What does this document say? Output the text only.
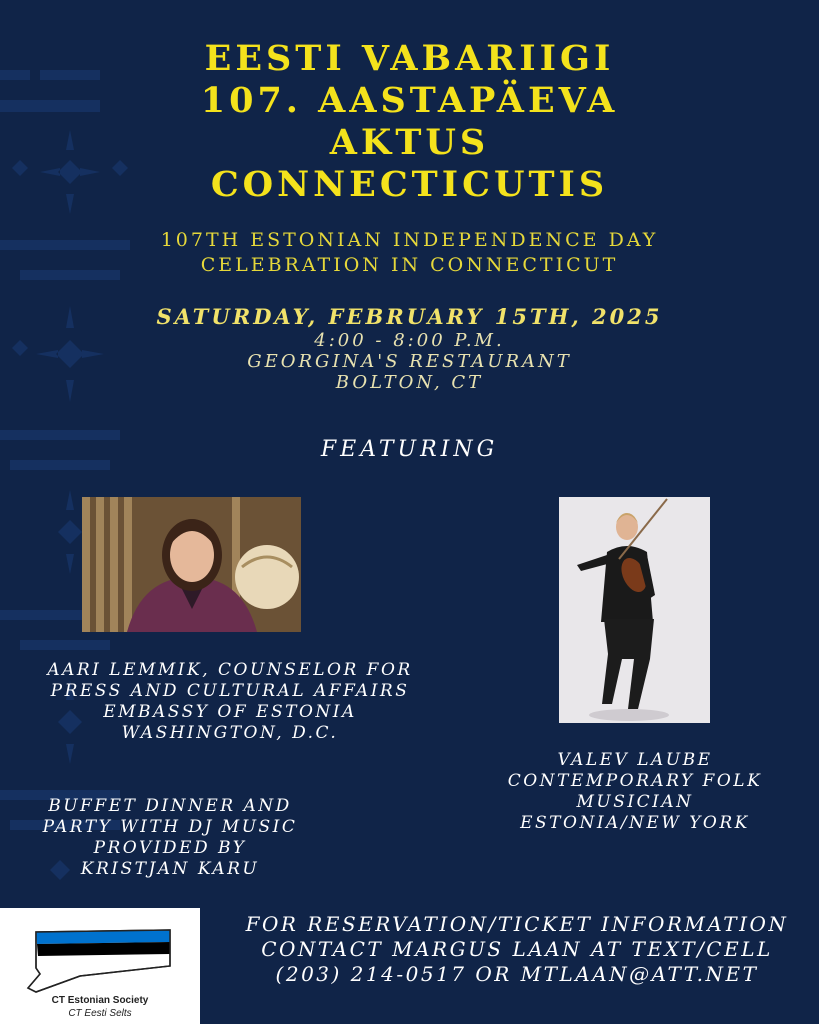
EESTI VABARIIGI
107. AASTAPÄEVA
AKTUS
CONNECTICUTIS
107TH ESTONIAN INDEPENDENCE DAY
CELEBRATION IN CONNECTICUT
SATURDAY, FEBRUARY 15TH, 2025
4:00 - 8:00 P.M.
GEORGINA'S RESTAURANT
BOLTON, CT
FEATURING
AARI LEMMIK, COUNSELOR FOR
PRESS AND CULTURAL AFFAIRS
EMBASSY OF ESTONIA
WASHINGTON, D.C.
VALEV LAUBE
CONTEMPORARY FOLK
MUSICIAN
ESTONIA/NEW YORK
BUFFET DINNER AND
PARTY WITH DJ MUSIC
PROVIDED BY
KRISTJAN KARU
CT Estonian Society
CT Eesti Selts
FOR RESERVATION/TICKET INFORMATION
CONTACT MARGUS LAAN AT TEXT/CELL
(203) 214-0517 OR MTLAAN@ATT.NET
